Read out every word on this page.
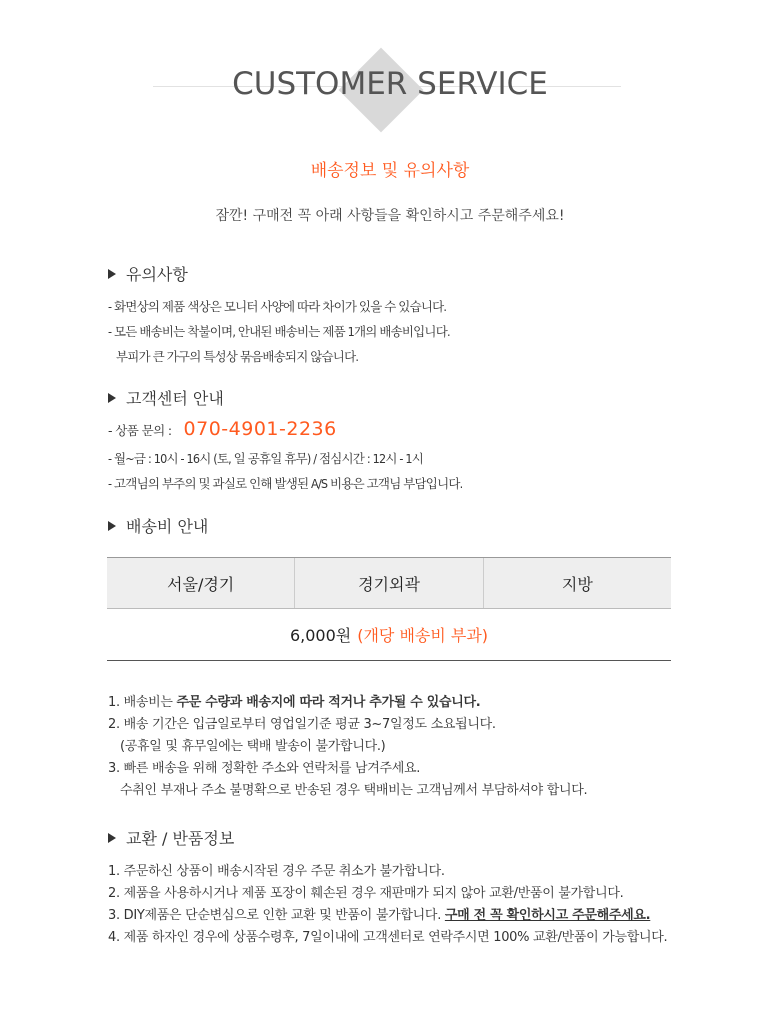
CUSTOMER SERVICE
배송정보 및 유의사항
잠깐! 구매전 꼭 아래 사항들을 확인하시고 주문해주세요!
유의사항
- 화면상의 제품 색상은 모니터 사양에 따라 차이가 있을 수 있습니다.
- 모든 배송비는 착불이며, 안내된 배송비는 제품 1개의 배송비입니다.
부피가 큰 가구의 특성상 묶음배송되지 않습니다.
고객센터 안내
- 상품 문의 : 070-4901-2236
- 월~금 : 10시 - 16시 (토, 일 공휴일 휴무) / 점심시간 : 12시 - 1시
- 고객님의 부주의 및 과실로 인해 발생된 A/S 비용은 고객님 부담입니다.
배송비 안내
서울/경기	경기외곽	지방
6,000원 (개당 배송비 부과)
1. 배송비는 주문 수량과 배송지에 따라 적거나 추가될 수 있습니다.
2. 배송 기간은 입금일로부터 영업일기준 평균 3~7일정도 소요됩니다.
(공휴일 및 휴무일에는 택배 발송이 불가합니다.)
3. 빠른 배송을 위해 정확한 주소와 연락처를 남겨주세요.
수취인 부재나 주소 불명확으로 반송된 경우 택배비는 고객님께서 부담하셔야 합니다.
교환 / 반품정보
1. 주문하신 상품이 배송시작된 경우 주문 취소가 불가합니다.
2. 제품을 사용하시거나 제품 포장이 훼손된 경우 재판매가 되지 않아 교환/반품이 불가합니다.
3. DIY제품은 단순변심으로 인한 교환 및 반품이 불가합니다. 구매 전 꼭 확인하시고 주문해주세요.
4. 제품 하자인 경우에 상품수령후, 7일이내에 고객센터로 연락주시면 100% 교환/반품이 가능합니다.
